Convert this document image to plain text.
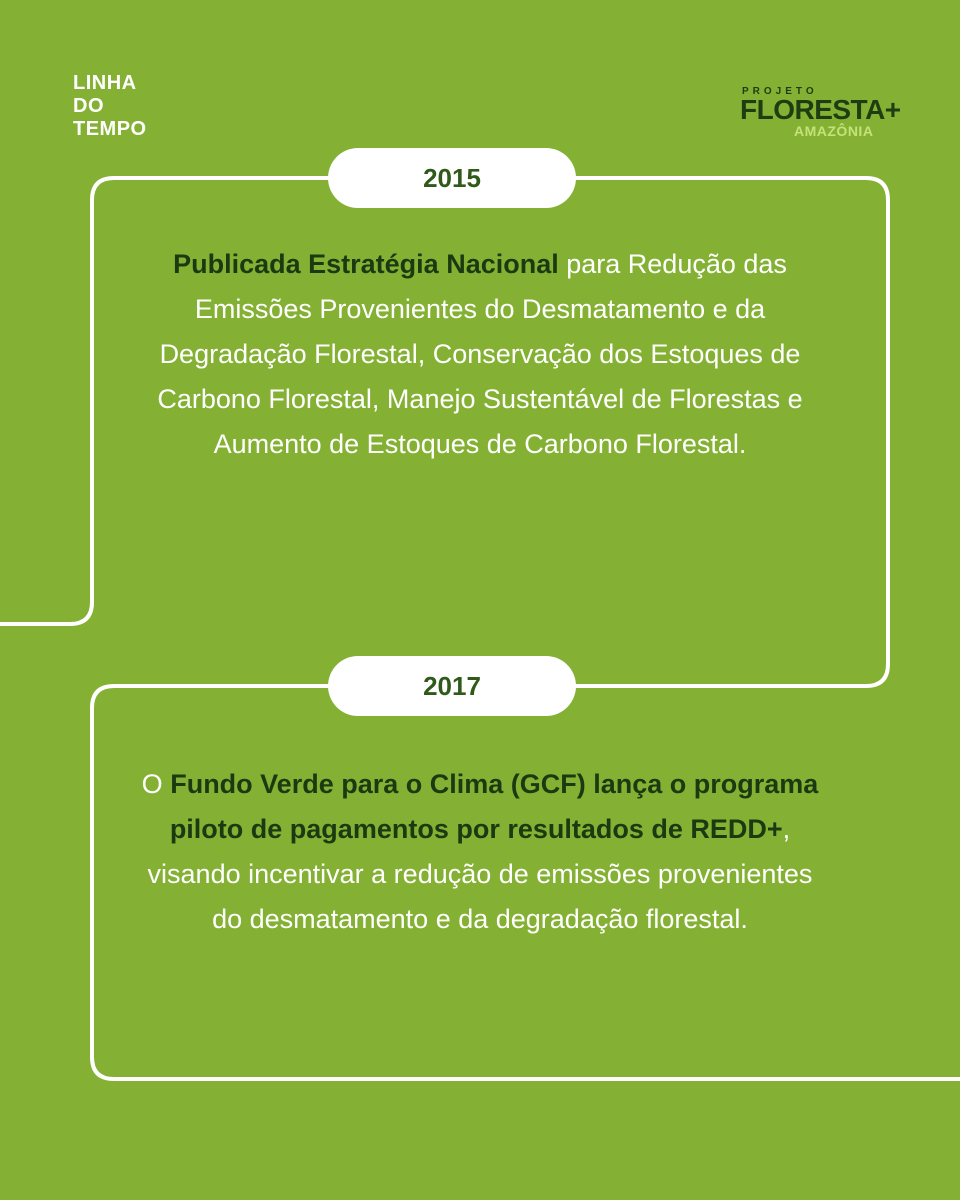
LINHA
DO
TEMPO
PROJETO
FLORESTA+
AMAZÔNIA
2015
Publicada Estratégia Nacional para Redução das Emissões Provenientes do Desmatamento e da Degradação Florestal, Conservação dos Estoques de Carbono Florestal, Manejo Sustentável de Florestas e Aumento de Estoques de Carbono Florestal.
2017
O Fundo Verde para o Clima (GCF) lança o programa piloto de pagamentos por resultados de REDD+, visando incentivar a redução de emissões provenientes do desmatamento e da degradação florestal.
